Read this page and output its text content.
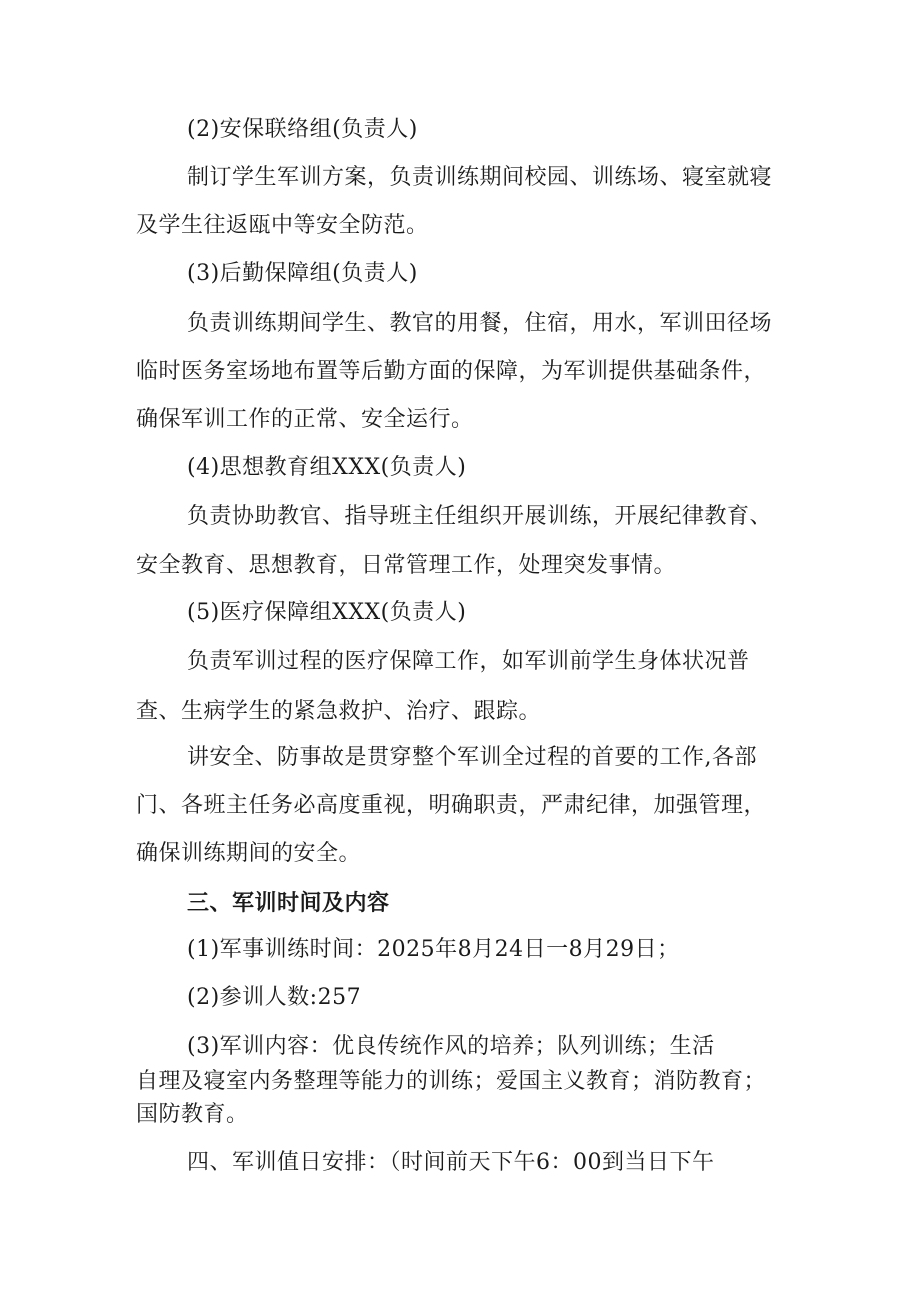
(2)安保联络组(负责人)
制订学生军训方案，负责训练期间校园、训练场、寝室就寝
及学生往返瓯中等安全防范。
(3)后勤保障组(负责人)
负责训练期间学生、教官的用餐，住宿，用水，军训田径场
临时医务室场地布置等后勤方面的保障，为军训提供基础条件，
确保军训工作的正常、安全运行。
(4)思想教育组XXX(负责人)
负责协助教官、指导班主任组织开展训练，开展纪律教育、
安全教育、思想教育，日常管理工作，处理突发事情。
(5)医疗保障组XXX(负责人)
负责军训过程的医疗保障工作，如军训前学生身体状况普
查、生病学生的紧急救护、治疗、跟踪。
讲安全、防事故是贯穿整个军训全过程的首要的工作,各部
门、各班主任务必高度重视，明确职责，严肃纪律，加强管理，
确保训练期间的安全。
三、军训时间及内容
(1)军事训练时间：2025年8月24日一8月29日；
(2)参训人数:257
(3)军训内容：优良传统作风的培养；队列训练；生活
自理及寝室内务整理等能力的训练；爱国主义教育；消防教育；
国防教育。
四、军训值日安排：（时间前天下午6：00到当日下午
